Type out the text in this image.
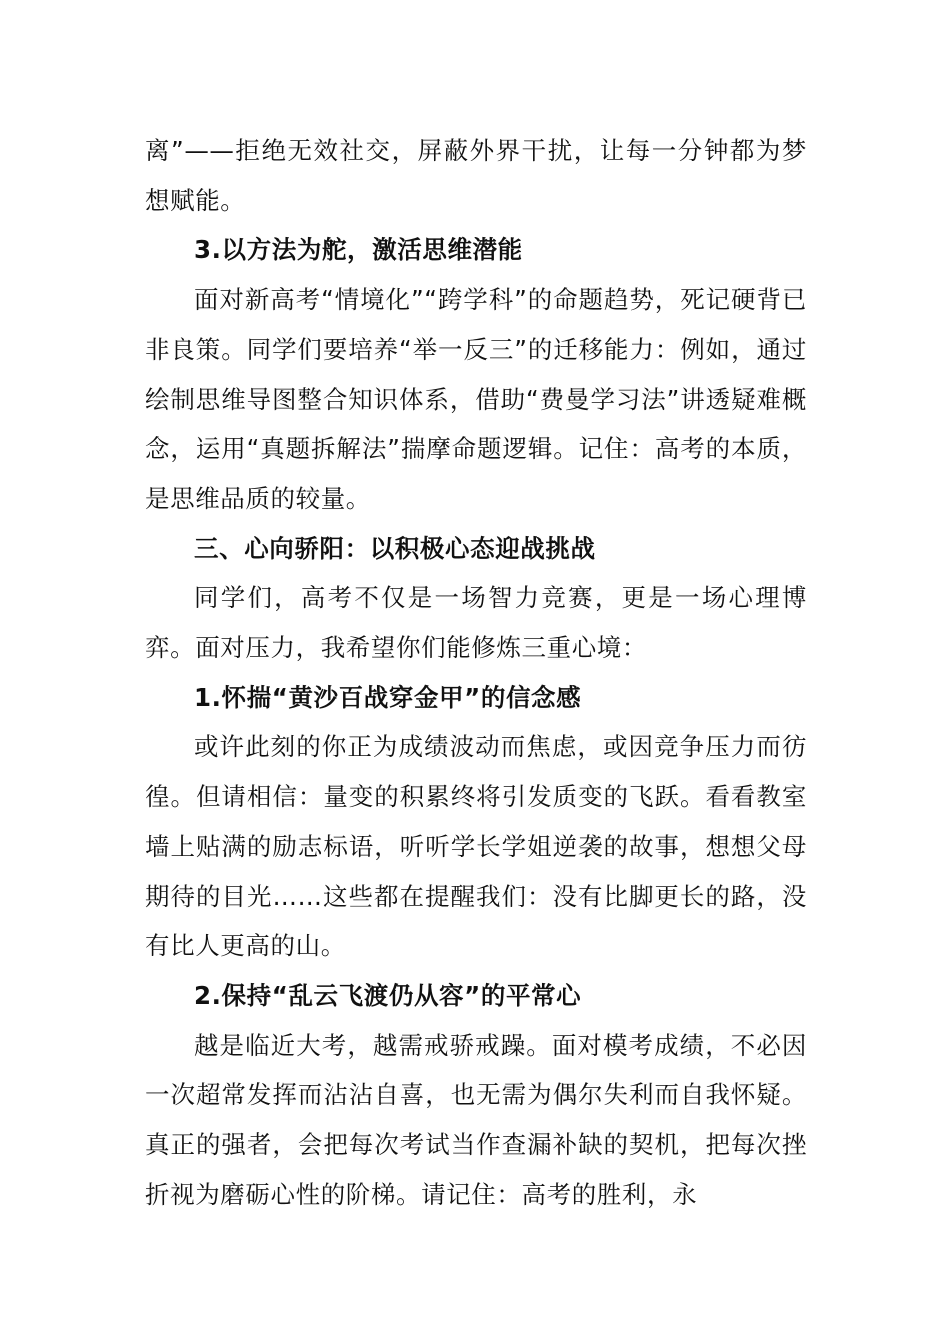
离”——拒绝无效社交，屏蔽外界干扰，让每一分钟都为梦想赋能。

3.以方法为舵，激活思维潜能

面对新高考“情境化”“跨学科”的命题趋势，死记硬背已非良策。同学们要培养“举一反三”的迁移能力：例如，通过绘制思维导图整合知识体系，借助“费曼学习法”讲透疑难概念，运用“真题拆解法”揣摩命题逻辑。记住：高考的本质，是思维品质的较量。

三、心向骄阳：以积极心态迎战挑战

同学们，高考不仅是一场智力竞赛，更是一场心理博弈。面对压力，我希望你们能修炼三重心境：

1.怀揣“黄沙百战穿金甲”的信念感

或许此刻的你正为成绩波动而焦虑，或因竞争压力而彷徨。但请相信：量变的积累终将引发质变的飞跃。看看教室墙上贴满的励志标语，听听学长学姐逆袭的故事，想想父母期待的目光……这些都在提醒我们：没有比脚更长的路，没有比人更高的山。

2.保持“乱云飞渡仍从容”的平常心

越是临近大考，越需戒骄戒躁。面对模考成绩，不必因一次超常发挥而沾沾自喜，也无需为偶尔失利而自我怀疑。真正的强者，会把每次考试当作查漏补缺的契机，把每次挫折视为磨砺心性的阶梯。请记住：高考的胜利，永
